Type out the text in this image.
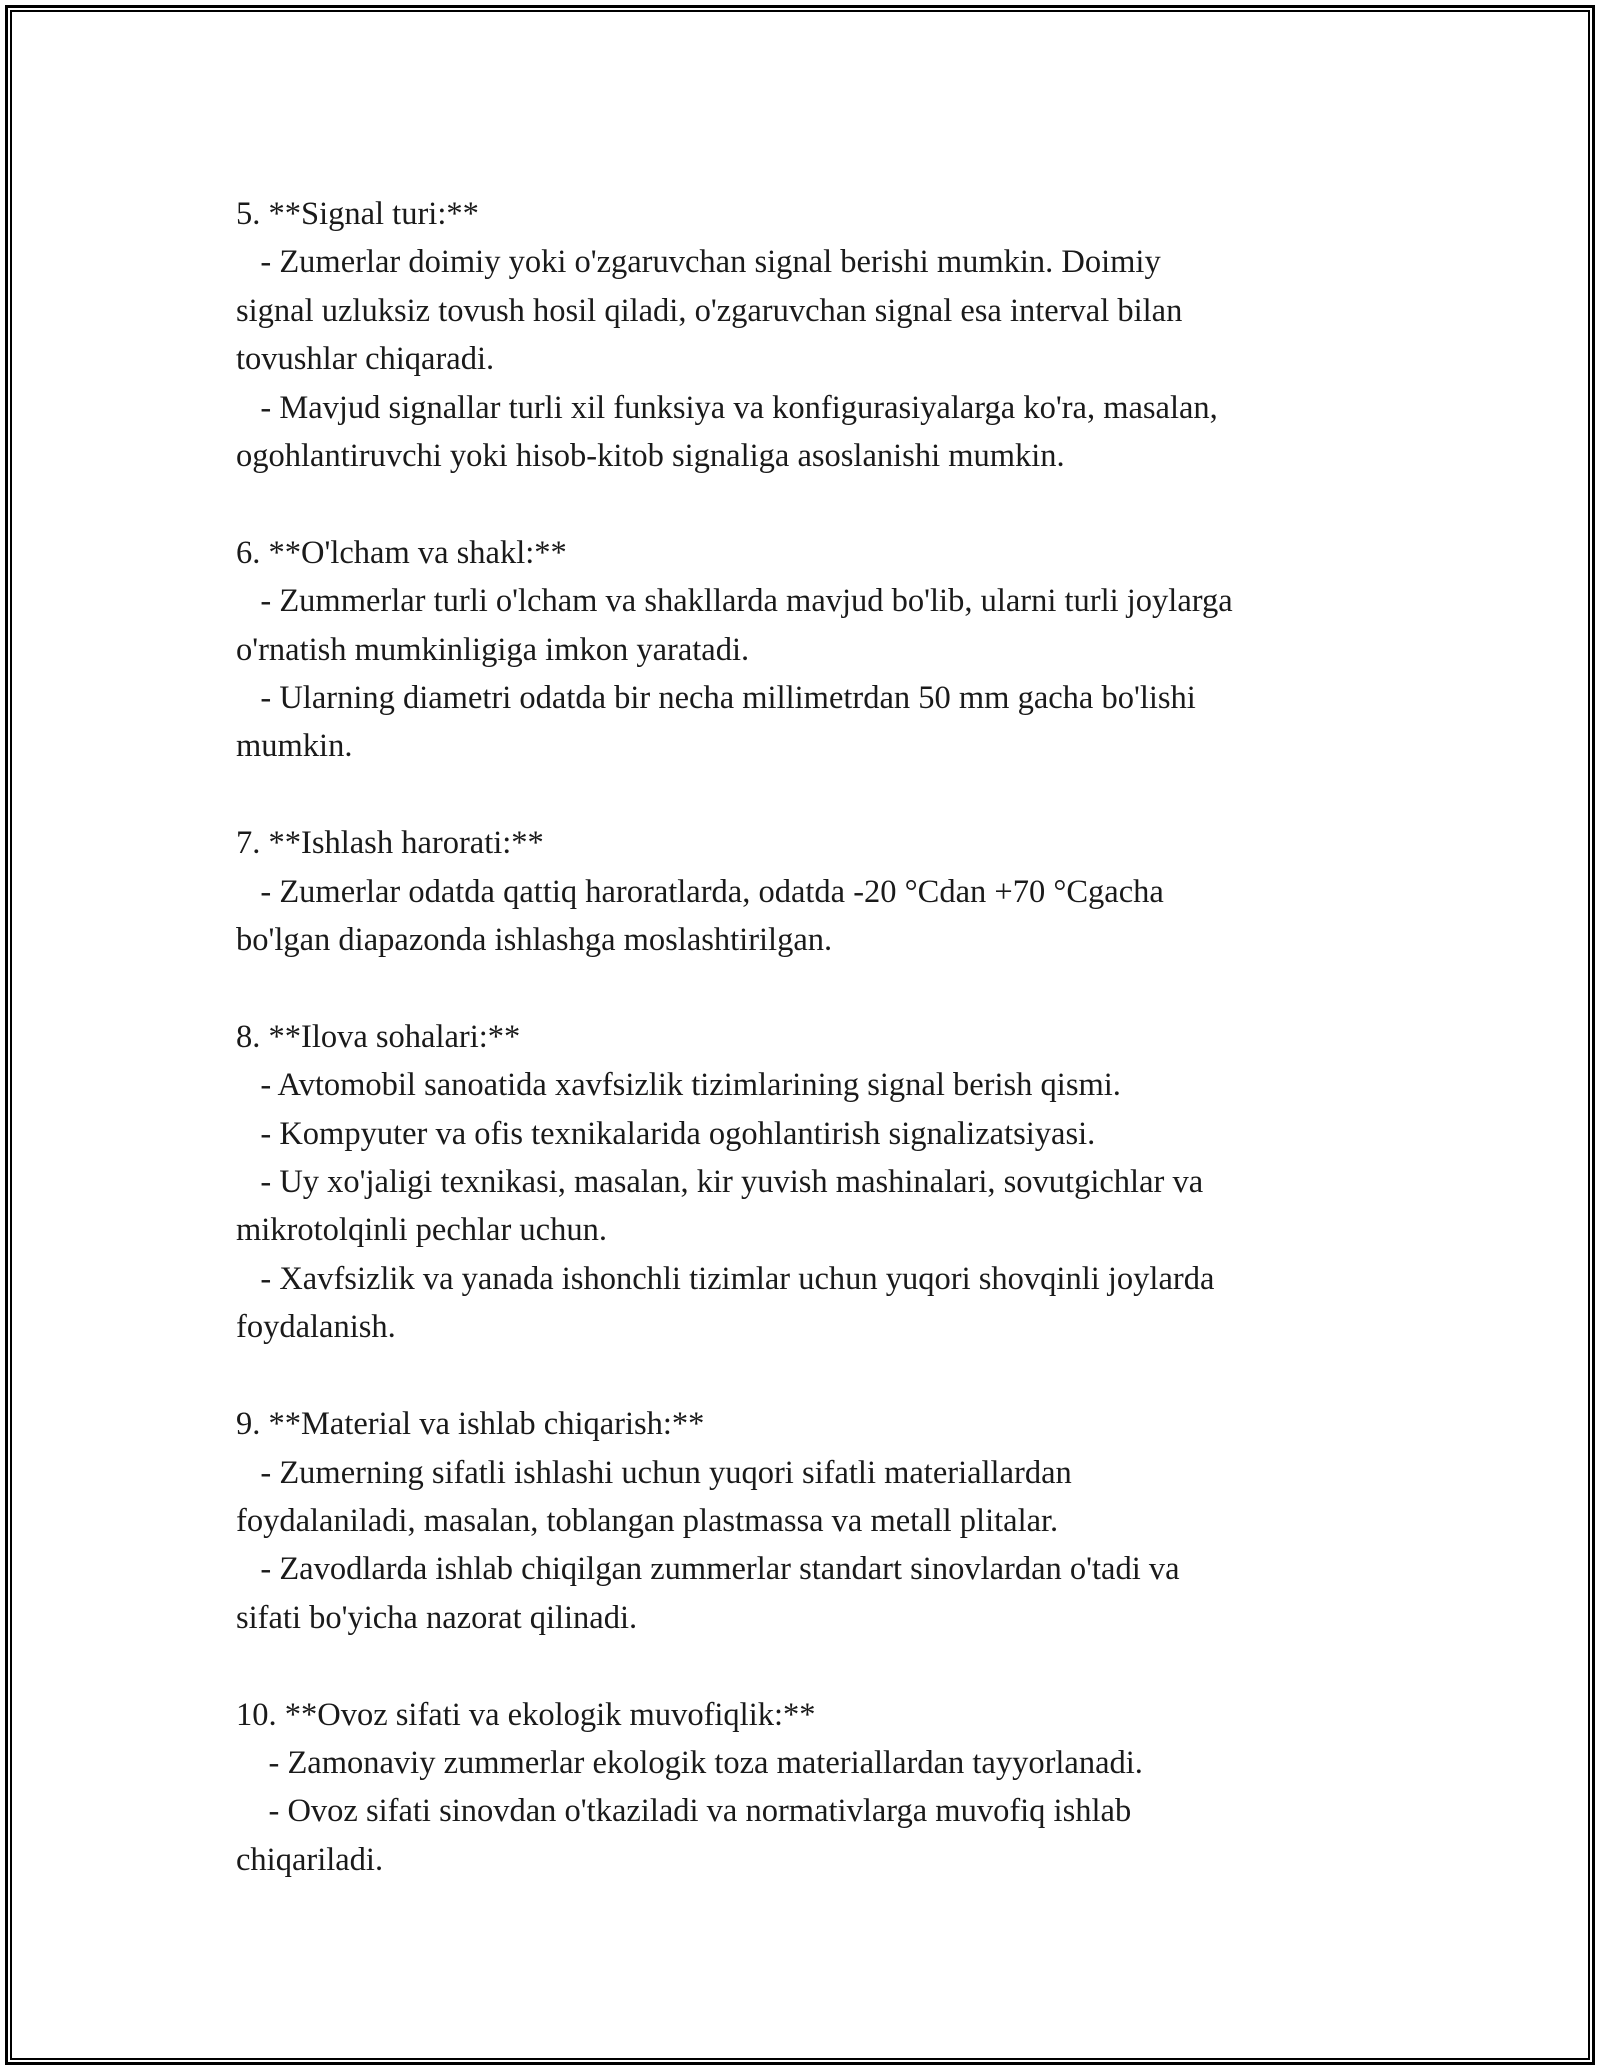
5. **Signal turi:**
- Zumerlar doimiy yoki o'zgaruvchan signal berishi mumkin. Doimiy
signal uzluksiz tovush hosil qiladi, o'zgaruvchan signal esa interval bilan
tovushlar chiqaradi.
- Mavjud signallar turli xil funksiya va konfigurasiyalarga ko'ra, masalan,
ogohlantiruvchi yoki hisob-kitob signaliga asoslanishi mumkin.
6. **O'lcham va shakl:**
- Zummerlar turli o'lcham va shakllarda mavjud bo'lib, ularni turli joylarga
o'rnatish mumkinligiga imkon yaratadi.
- Ularning diametri odatda bir necha millimetrdan 50 mm gacha bo'lishi
mumkin.
7. **Ishlash harorati:**
- Zumerlar odatda qattiq haroratlarda, odatda -20 °Cdan +70 °Cgacha
bo'lgan diapazonda ishlashga moslashtirilgan.
8. **Ilova sohalari:**
- Avtomobil sanoatida xavfsizlik tizimlarining signal berish qismi.
- Kompyuter va ofis texnikalarida ogohlantirish signalizatsiyasi.
- Uy xo'jaligi texnikasi, masalan, kir yuvish mashinalari, sovutgichlar va
mikrotolqinli pechlar uchun.
- Xavfsizlik va yanada ishonchli tizimlar uchun yuqori shovqinli joylarda
foydalanish.
9. **Material va ishlab chiqarish:**
- Zumerning sifatli ishlashi uchun yuqori sifatli materiallardan
foydalaniladi, masalan, toblangan plastmassa va metall plitalar.
- Zavodlarda ishlab chiqilgan zummerlar standart sinovlardan o'tadi va
sifati bo'yicha nazorat qilinadi.
10. **Ovoz sifati va ekologik muvofiqlik:**
- Zamonaviy zummerlar ekologik toza materiallardan tayyorlanadi.
- Ovoz sifati sinovdan o'tkaziladi va normativlarga muvofiq ishlab
chiqariladi.
